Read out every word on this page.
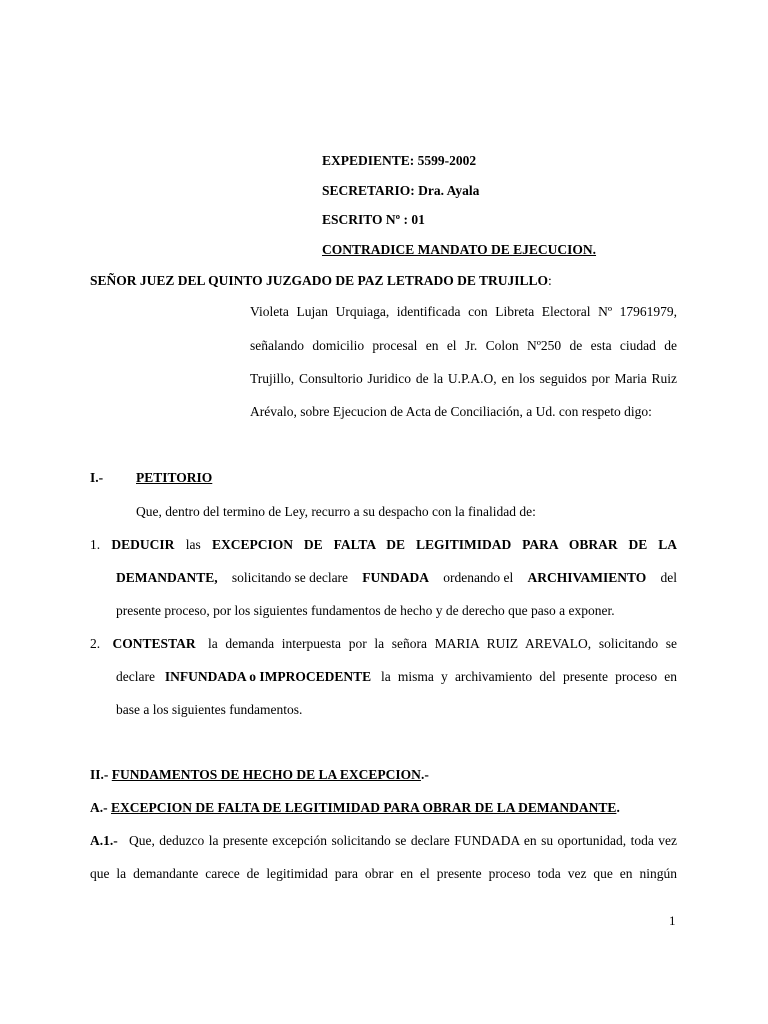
EXPEDIENTE: 5599-2002
SECRETARIO: Dra. Ayala
ESCRITO Nº : 01
CONTRADICE MANDATO DE EJECUCION.
SEÑOR JUEZ DEL QUINTO JUZGADO DE PAZ LETRADO DE TRUJILLO:
Violeta Lujan Urquiaga, identificada con Libreta Electoral Nº 17961979,
señalando domicilio procesal en el Jr. Colon Nº250 de esta ciudad de
Trujillo, Consultorio Juridico de la U.P.A.O, en los seguidos por Maria Ruiz
Arévalo, sobre Ejecucion de Acta de Conciliación, a Ud. con respeto digo:
I.- PETITORIO
Que, dentro del termino de Ley, recurro a su despacho con la finalidad de:
1. DEDUCIR las EXCEPCION DE FALTA DE LEGITIMIDAD PARA OBRAR DE LA
DEMANDANTE, solicitando se declare FUNDADA ordenando el ARCHIVAMIENTO del
presente proceso, por los siguientes fundamentos de hecho y de derecho que paso a exponer.
2. CONTESTAR la demanda interpuesta por la señora MARIA RUIZ AREVALO, solicitando se
declare INFUNDADA o IMPROCEDENTE la misma y archivamiento del presente proceso en
base a los siguientes fundamentos.
II.- FUNDAMENTOS DE HECHO DE LA EXCEPCION.-
A.- EXCEPCION DE FALTA DE LEGITIMIDAD PARA OBRAR DE LA DEMANDANTE.
A.1.- Que, deduzco la presente excepción solicitando se declare FUNDADA en su oportunidad, toda vez
que la demandante carece de legitimidad para obrar en el presente proceso toda vez que en ningún
1
